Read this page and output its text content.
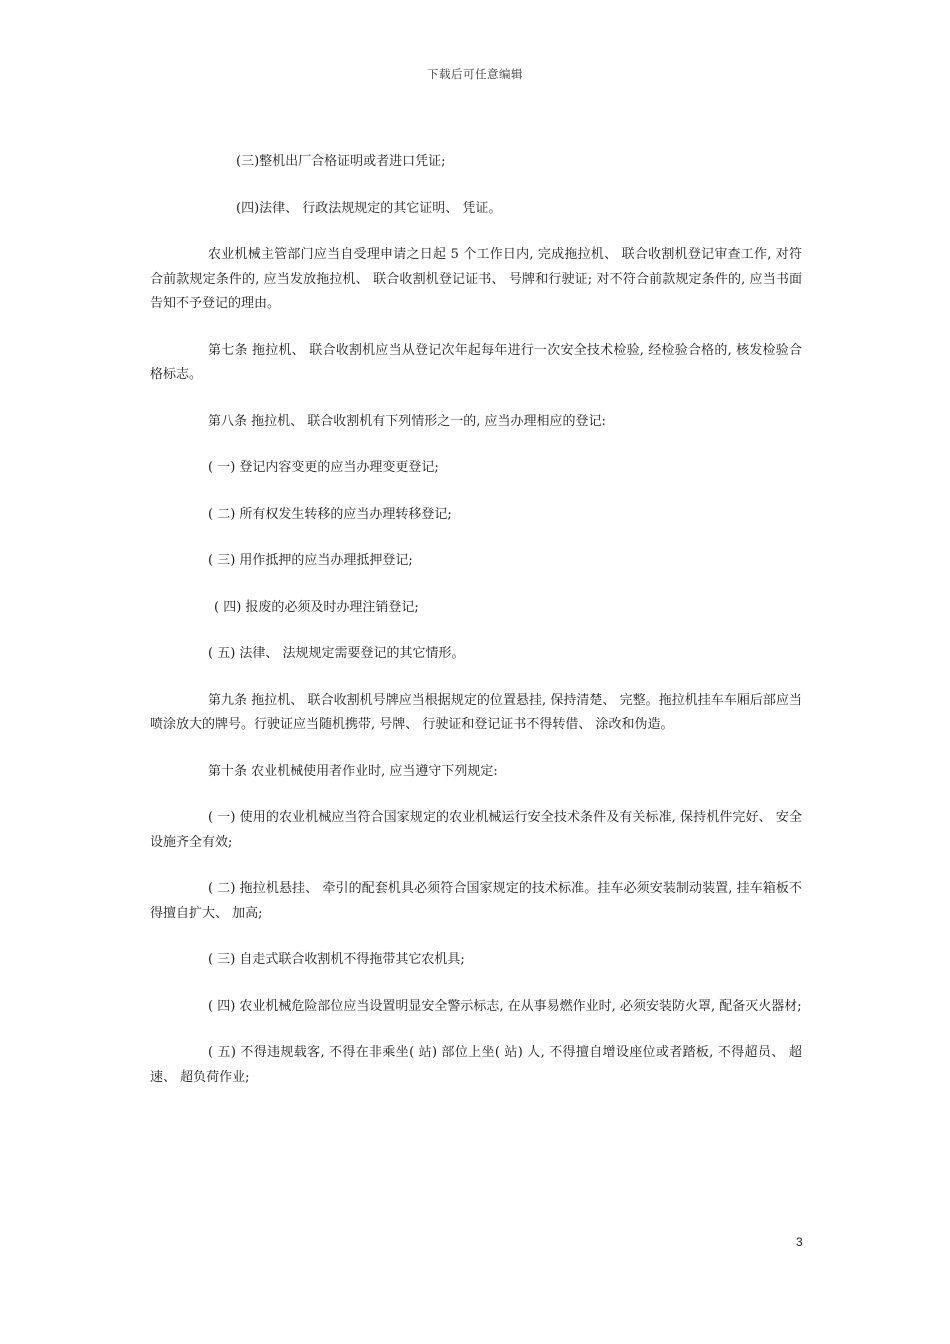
下载后可任意编辑

(三)整机出厂合格证明或者进口凭证;

(四)法律、 行政法规规定的其它证明、 凭证。

农业机械主管部门应当自受理申请之日起 5 个工作日内, 完成拖拉机、 联合收割机登记审查工作, 对符合前款规定条件的, 应当发放拖拉机、 联合收割机登记证书、 号牌和行驶证; 对不符合前款规定条件的, 应当书面告知不予登记的理由。

第七条 拖拉机、 联合收割机应当从登记次年起每年进行一次安全技术检验, 经检验合格的, 核发检验合格标志。

第八条 拖拉机、 联合收割机有下列情形之一的, 应当办理相应的登记:

( 一) 登记内容变更的应当办理变更登记;

( 二) 所有权发生转移的应当办理转移登记;

( 三) 用作抵押的应当办理抵押登记;

( 四) 报废的必须及时办理注销登记;

( 五) 法律、 法规规定需要登记的其它情形。

第九条 拖拉机、 联合收割机号牌应当根据规定的位置悬挂, 保持清楚、 完整。拖拉机挂车车厢后部应当喷涂放大的牌号。行驶证应当随机携带, 号牌、 行驶证和登记证书不得转借、 涂改和伪造。

第十条 农业机械使用者作业时, 应当遵守下列规定:

( 一) 使用的农业机械应当符合国家规定的农业机械运行安全技术条件及有关标准, 保持机件完好、 安全设施齐全有效;

( 二) 拖拉机悬挂、 牵引的配套机具必须符合国家规定的技术标准。挂车必须安装制动装置, 挂车箱板不得擅自扩大、 加高;

( 三) 自走式联合收割机不得拖带其它农机具;

( 四) 农业机械危险部位应当设置明显安全警示标志, 在从事易燃作业时, 必须安装防火罩, 配备灭火器材;

( 五) 不得违规载客, 不得在非乘坐( 站) 部位上坐( 站) 人, 不得擅自增设座位或者踏板, 不得超员、 超速、 超负荷作业;

3
